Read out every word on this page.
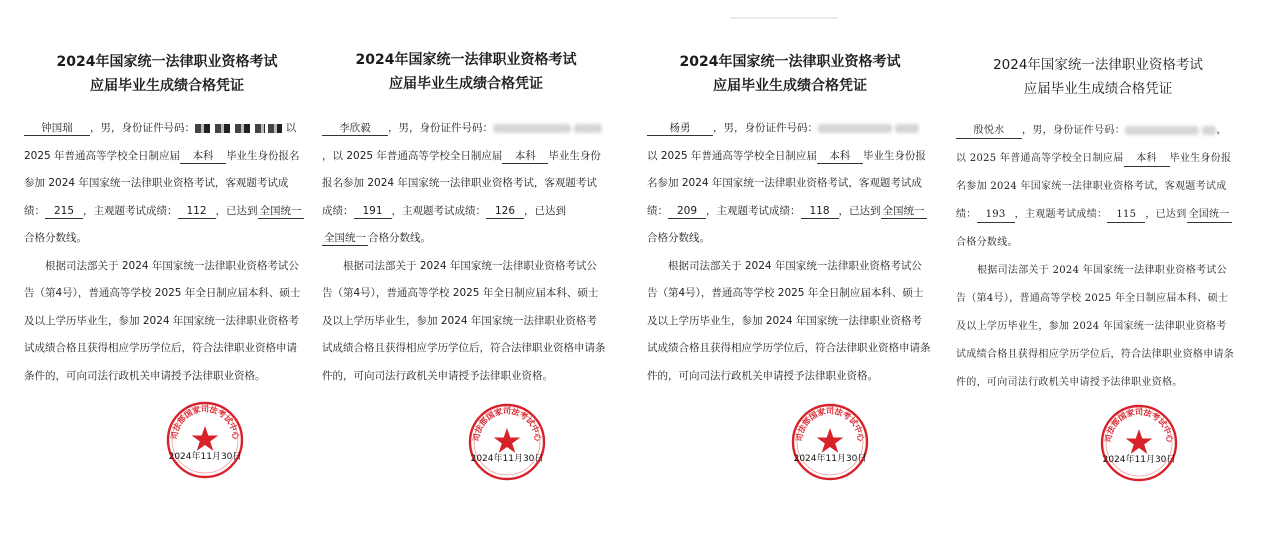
2024年国家统一法律职业资格考试
应届毕业生成绩合格凭证

钟国瑞 ，男，身份证件号码：	以 2025 年普通高等学校全日制应届 本科 毕业生身份报名参加 2024 年国家统一法律职业资格考试，客观题考试成绩： 215 ，主观题考试成绩： 112 ，已达到 全国统一合格分数线。

根据司法部关于 2024 年国家统一法律职业资格考试公告（第4号），普通高等学校 2025 年全日制应届本科、硕士及以上学历毕业生，参加 2024 年国家统一法律职业资格考试成绩合格且获得相应学历学位后，符合法律职业资格申请条件的，可向司法行政机关申请授予法律职业资格。

司法部国家司法考试中心
2024年11月30日
2024年国家统一法律职业资格考试
应届毕业生成绩合格凭证

李欣毅 ，男，身份证件号码： ，以 2025 年普通高等学校全日制应届 本科 毕业生身份报名参加 2024 年国家统一法律职业资格考试，客观题考试成绩： 191 ，主观题考试成绩： 126 ，已达到全国统一 合格分数线。

根据司法部关于 2024 年国家统一法律职业资格考试公告（第4号），普通高等学校 2025 年全日制应届本科、硕士及以上学历毕业生，参加 2024 年国家统一法律职业资格考试成绩合格且获得相应学历学位后，符合法律职业资格申请条件的，可向司法行政机关申请授予法律职业资格。

司法部国家司法考试中心
2024年11月30日
2024年国家统一法律职业资格考试
应届毕业生成绩合格凭证

杨勇 ，男，身份证件号码：  以 2025 年普通高等学校全日制应届 本科 毕业生身份报名参加 2024 年国家统一法律职业资格考试，客观题考试成绩： 209 ，主观题考试成绩： 118 ，已达到 全国统一合格分数线。

根据司法部关于 2024 年国家统一法律职业资格考试公告（第4号），普通高等学校 2025 年全日制应届本科、硕士及以上学历毕业生，参加 2024 年国家统一法律职业资格考试成绩合格且获得相应学历学位后，符合法律职业资格申请条件的，可向司法行政机关申请授予法律职业资格。

司法部国家司法考试中心
2024年11月30日
2024年国家统一法律职业资格考试
应届毕业生成绩合格凭证

殷悦水 ，男，身份证件号码：	，以 2025 年普通高等学校全日制应届 本科 毕业生身份报名参加 2024 年国家统一法律职业资格考试，客观题考试成绩： 193 ，主观题考试成绩： 115 ，已达到 全国统一合格分数线。

根据司法部关于 2024 年国家统一法律职业资格考试公告（第4号），普通高等学校 2025 年全日制应届本科、硕士及以上学历毕业生，参加 2024 年国家统一法律职业资格考试成绩合格且获得相应学历学位后，符合法律职业资格申请条件的，可向司法行政机关申请授予法律职业资格。

司法部国家司法考试中心
2024年11月30日
